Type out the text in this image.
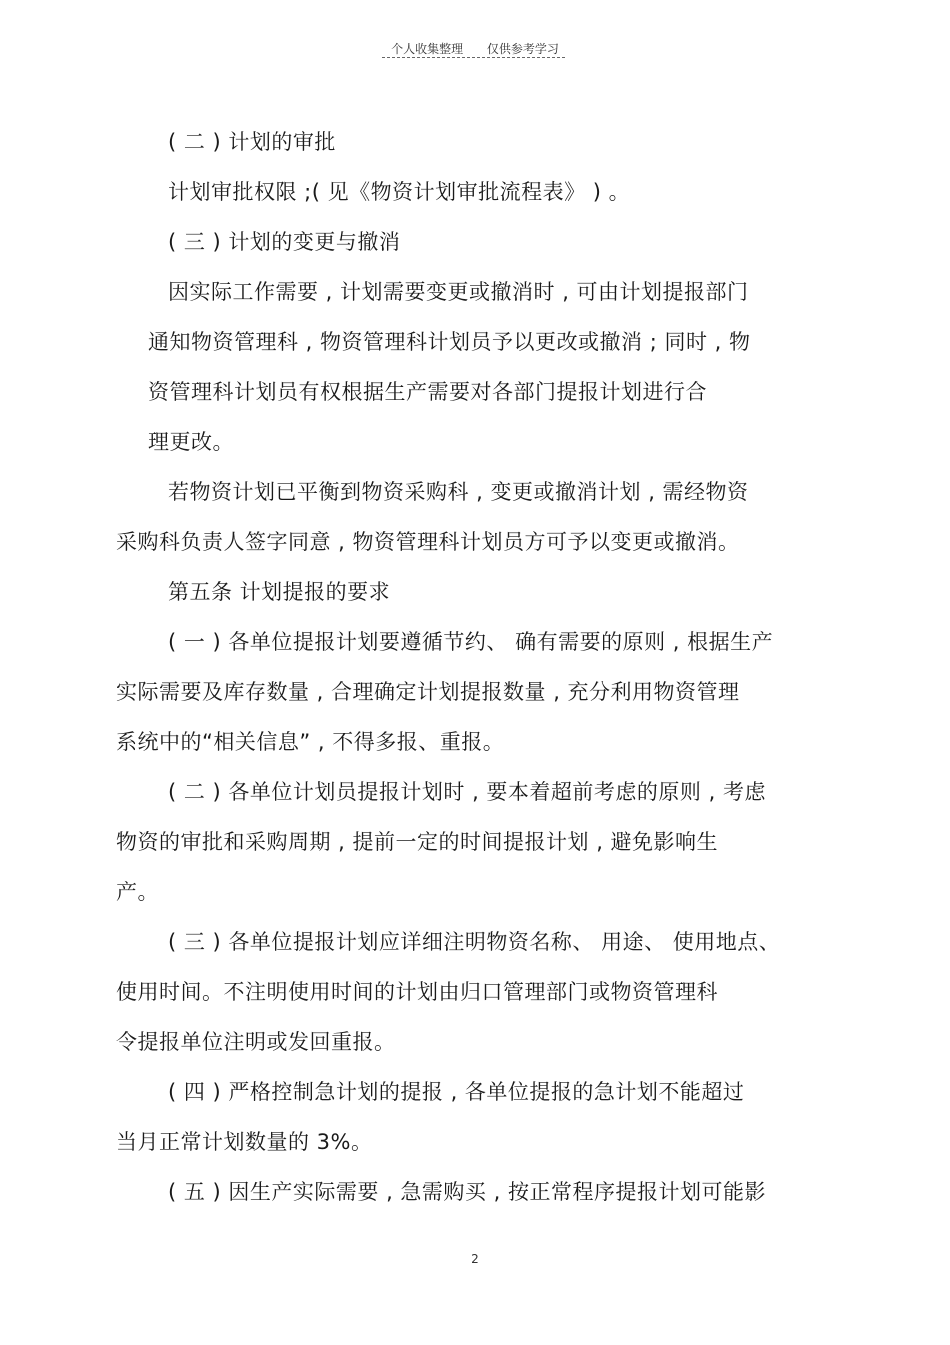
个人收集整理 仅供参考学习
( 二 ) 计划的审批
计划审批权限 ;( 见《物资计划审批流程表》 ) 。
( 三 ) 计划的变更与撤消
因实际工作需要 , 计划需要变更或撤消时 , 可由计划提报部门
通知物资管理科 , 物资管理科计划员予以更改或撤消 ; 同时 , 物
资管理科计划员有权根据生产需要对各部门提报计划进行合
理更改。
若物资计划已平衡到物资采购科 , 变更或撤消计划 , 需经物资
采购科负责人签字同意 , 物资管理科计划员方可予以变更或撤消。
第五条 计划提报的要求
( 一 ) 各单位提报计划要遵循节约、 确有需要的原则 , 根据生产
实际需要及库存数量 , 合理确定计划提报数量 , 充分利用物资管理
系统中的“相关信息” , 不得多报、重报。
( 二 ) 各单位计划员提报计划时 , 要本着超前考虑的原则 , 考虑
物资的审批和采购周期 , 提前一定的时间提报计划 , 避免影响生
产。
( 三 ) 各单位提报计划应详细注明物资名称、 用途、 使用地点、
使用时间。不注明使用时间的计划由归口管理部门或物资管理科
令提报单位注明或发回重报。
( 四 ) 严格控制急计划的提报 , 各单位提报的急计划不能超过
当月正常计划数量的 3%。
( 五 ) 因生产实际需要 , 急需购买 , 按正常程序提报计划可能影
2
